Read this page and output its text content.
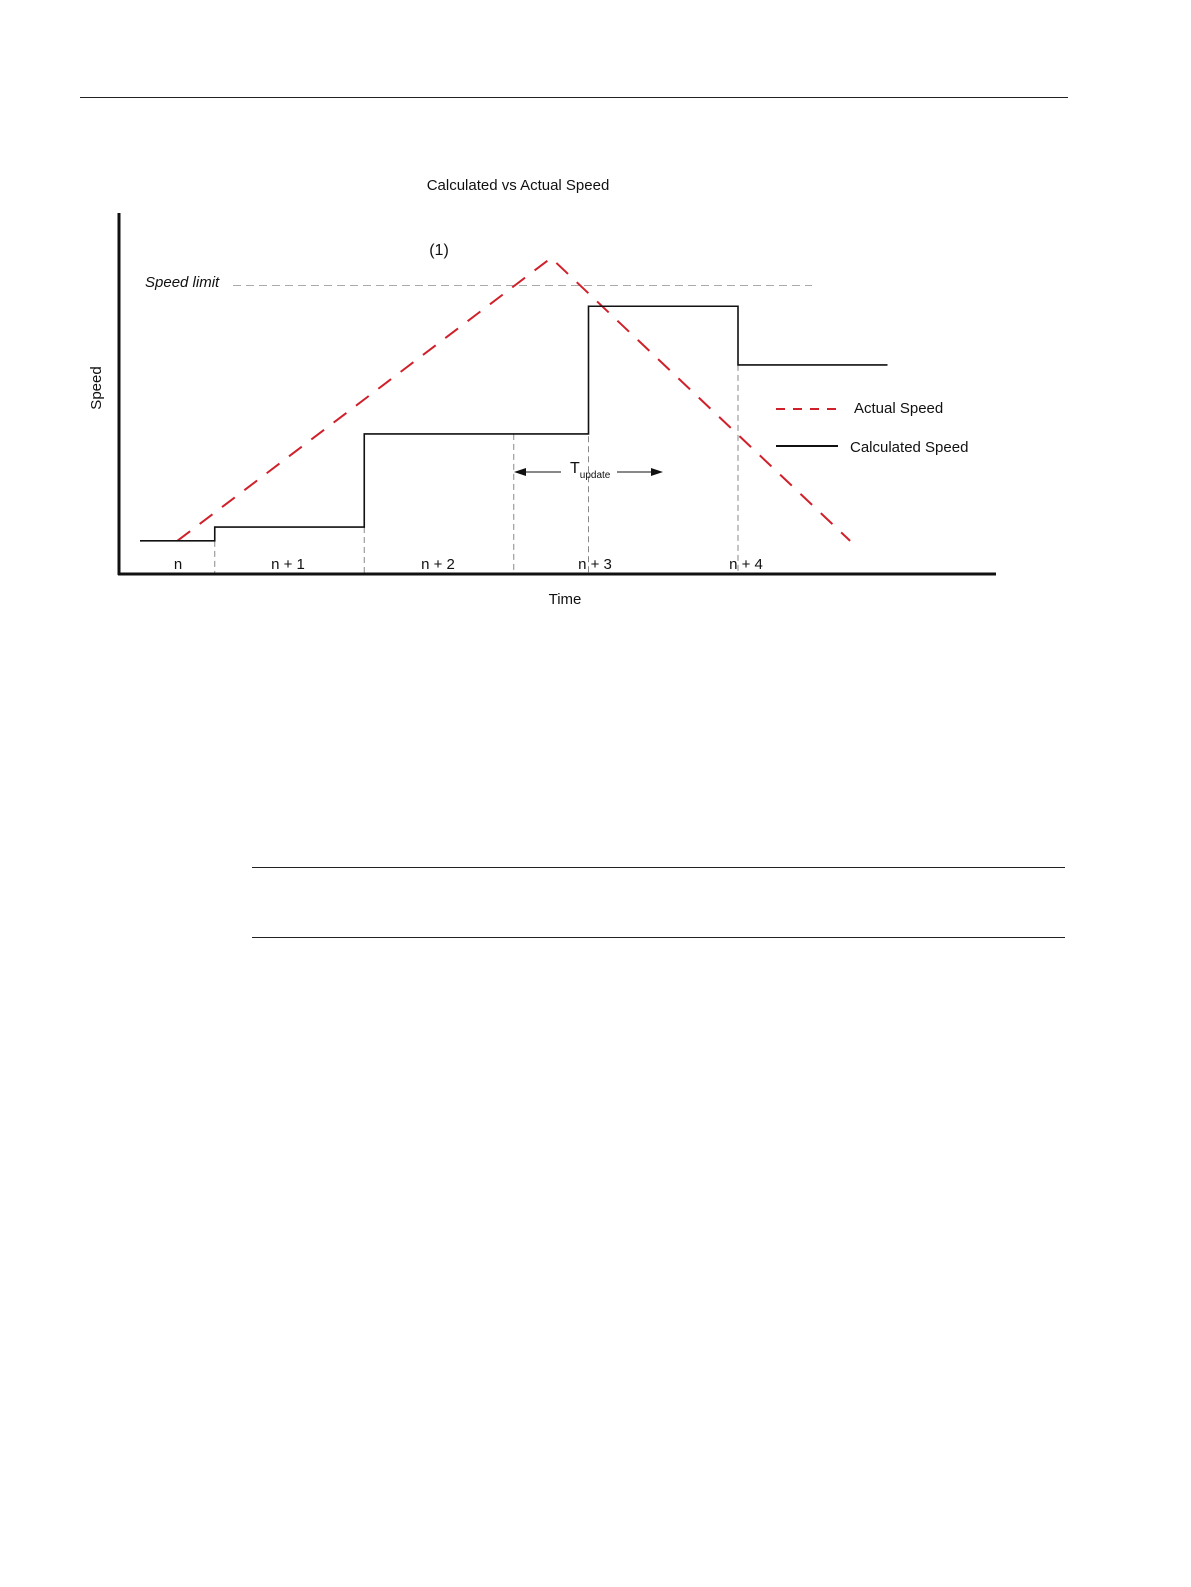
Calculated vs Actual Speed
Speed
Time
Speed limit
(1)
$T_{update}$
n	n + 1	n + 2	n + 3	n + 4
Actual Speed
Calculated Speed
